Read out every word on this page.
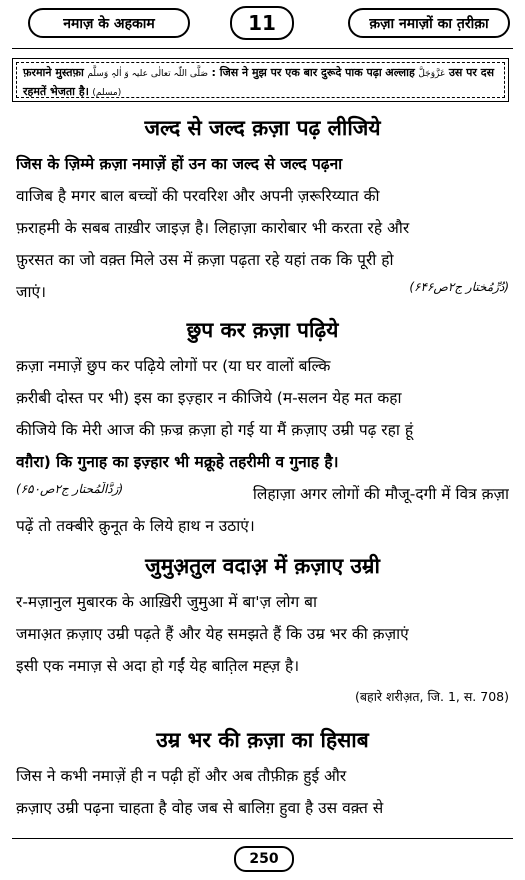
नमाज़ के अहकाम	11	क़ज़ा नमाज़ों का त़रीक़ा
फ़रमाने मुस्तफ़ा صَلَّی اللّٰہ تعالٰی علیہ وَ اٰلہٖ وَسلَّم : जिस ने मुझ पर एक बार दुरूदे पाक पढ़ा अल्लाह عَزَّوَجَلَّ उस पर दस
रहमतें भेजता है। (مسلم)
जल्द से जल्द क़ज़ा पढ़ लीजिये
जिस के ज़िम्मे क़ज़ा नमाज़ें हों उन का जल्द से जल्द पढ़ना
वाजिब है मगर बाल बच्चों की परवरिश और अपनी ज़रूरिय्यात की
फ़राहमी के सबब ताख़ीर जाइज़ है। लिहाज़ा कारोबार भी करता रहे और
फ़ुरसत का जो वक़्त मिले उस में क़ज़ा पढ़ता रहे यहां तक कि पूरी हो
जाएं।	(دُرِّمُختار ج۲ص۶۴۶)
छुप कर क़ज़ा पढ़िये
क़ज़ा नमाज़ें छुप कर पढ़िये लोगों पर (या घर वालों बल्कि
क़रीबी दोस्त पर भी) इस का इज़्हार न कीजिये (म-सलन येह मत कहा
कीजिये कि मेरी आज की फ़ज्र क़ज़ा हो गई या मैं क़ज़ाए उम्री पढ़ रहा हूं
वग़ैरा) कि गुनाह का इज़्हार भी मक्रूहे तहरीमी व गुनाह है।
(رَدُّالْمُحتار ج۲ص۶۵۰)	लिहाज़ा अगर लोगों की मौजू-दगी में वित्र क़ज़ा
पढ़ें तो तक्बीरे क़ुनूत के लिये हाथ न उठाएं।
जुमुअ़तुल वदाअ़ में क़ज़ाए उम्री
र-मज़ानुल मुबारक के आख़िरी जुमुआ में बा'ज़ लोग बा
जमाअ़त क़ज़ाए उम्री पढ़ते हैं और येह समझते हैं कि उम्र भर की क़ज़ाएं
इसी एक नमाज़ से अदा हो गईं येह बात़िल मह्ज़ है।
(बहारे शरीअ़त, जि. 1, स. 708)
उम्र भर की क़ज़ा का हिसाब
जिस ने कभी नमाज़ें ही न पढ़ी हों और अब तौफ़ीक़ हुई और
क़ज़ाए उम्री पढ़ना चाहता है वोह जब से बालिग़ हुवा है उस वक़्त से
250
